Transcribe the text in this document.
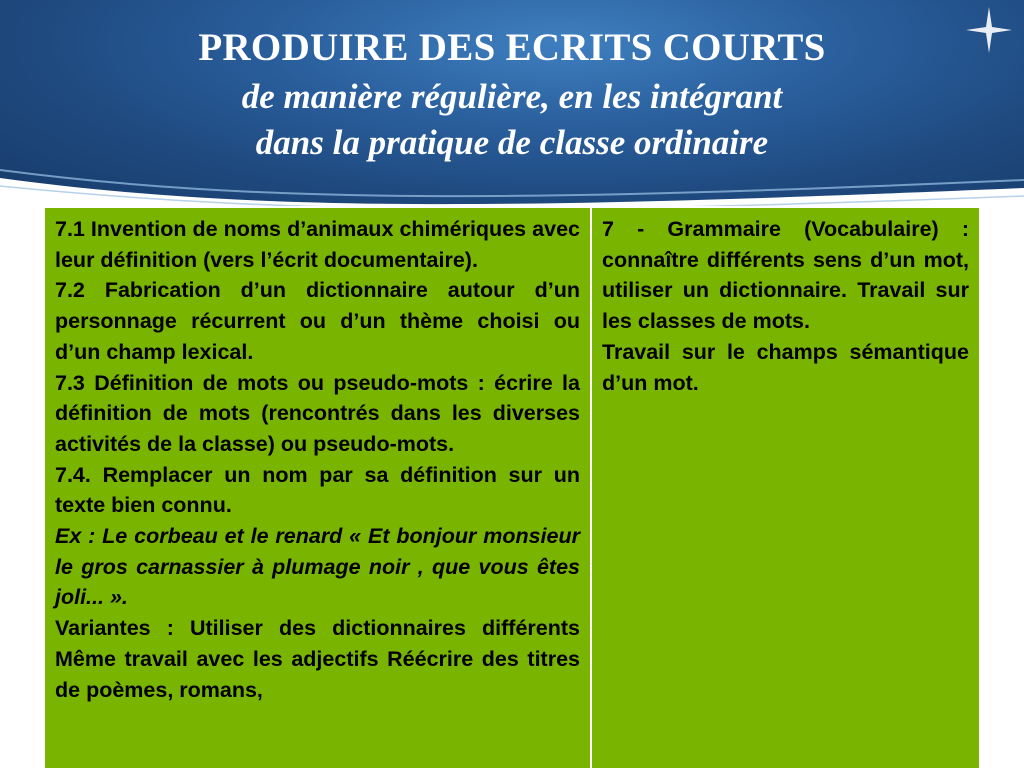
PRODUIRE DES ECRITS COURTS
de manière régulière, en les intégrant
dans la pratique de classe ordinaire

7.1 Invention de noms d’animaux chimériques avec leur définition (vers l’écrit documentaire).

7.2 Fabrication d’un dictionnaire autour d’un personnage récurrent ou d’un thème choisi ou d’un champ lexical.

7.3 Définition de mots ou pseudo-mots : écrire la définition de mots (rencontrés dans les diverses activités de la classe) ou pseudo-mots.

7.4. Remplacer un nom par sa définition sur un texte bien connu.

Ex : Le corbeau et le renard « Et bonjour monsieur le gros carnassier à plumage noir , que vous êtes joli... ».

Variantes : Utiliser des dictionnaires différents Même travail avec les adjectifs Réécrire des titres de poèmes, romans,

7 - Grammaire (Vocabulaire) : connaître différents sens d’un mot, utiliser un dictionnaire. Travail sur les classes de mots.

Travail sur le champs sémantique d’un mot.
